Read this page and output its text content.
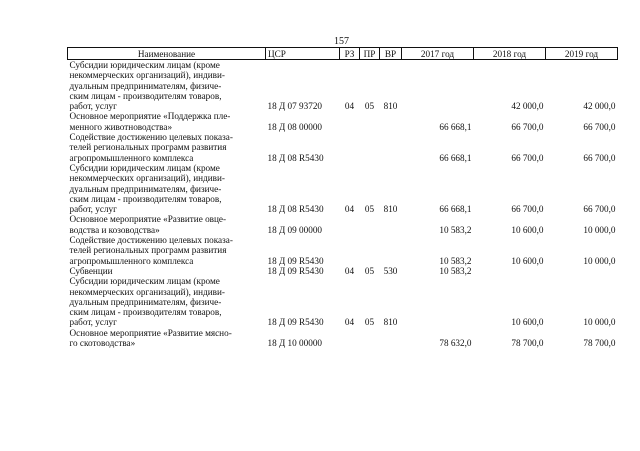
157
Наименование	ЦСР	РЗ	ПР	ВР	2017 год	2018 год	2019 год

Субсидии юридическим лицам (кроме
некоммерческих организаций), индиви-
дуальным предпринимателям, физиче-
ским лицам - производителям товаров,
работ, услуг	18 Д 07 93720	04	05	810		42 000,0	42 000,0

Основное мероприятие «Поддержка пле-
менного животноводства»	18 Д 08 00000				66 668,1	66 700,0	66 700,0

Содействие достижению целевых показа-
телей региональных программ развития
агропромышленного комплекса	18 Д 08 R5430				66 668,1	66 700,0	66 700,0

Субсидии юридическим лицам (кроме
некоммерческих организаций), индиви-
дуальным предпринимателям, физиче-
ским лицам - производителям товаров,
работ, услуг	18 Д 08 R5430	04	05	810	66 668,1	66 700,0	66 700,0

Основное мероприятие «Развитие овце-
водства и козоводства»	18 Д 09 00000				10 583,2	10 600,0	10 000,0

Содействие достижению целевых показа-
телей региональных программ развития
агропромышленного комплекса	18 Д 09 R5430				10 583,2	10 600,0	10 000,0

Субвенции	18 Д 09 R5430	04	05	530	10 583,2		

Субсидии юридическим лицам (кроме
некоммерческих организаций), индиви-
дуальным предпринимателям, физиче-
ским лицам - производителям товаров,
работ, услуг	18 Д 09 R5430	04	05	810		10 600,0	10 000,0

Основное мероприятие «Развитие мясно-
го скотоводства»	18 Д 10 00000				78 632,0	78 700,0	78 700,0
